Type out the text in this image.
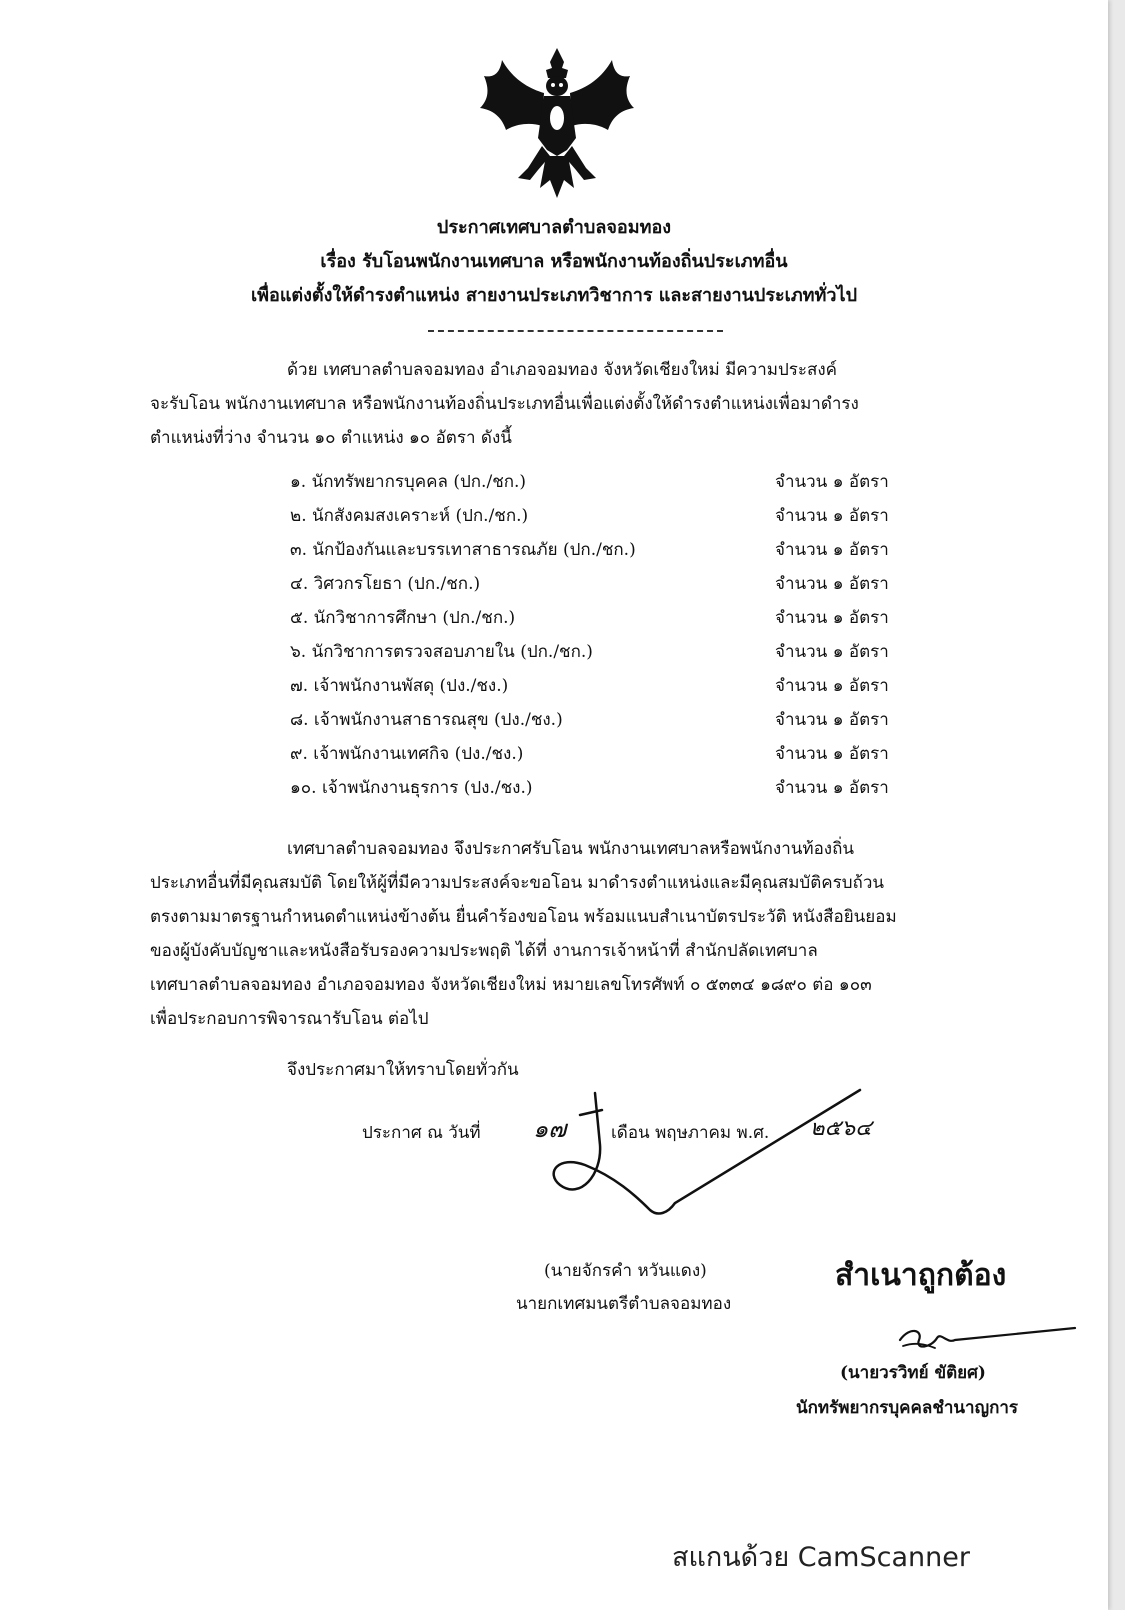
ประกาศเทศบาลตำบลจอมทอง
เรื่อง รับโอนพนักงานเทศบาล หรือพนักงานท้องถิ่นประเภทอื่น
เพื่อแต่งตั้งให้ดำรงตำแหน่ง สายงานประเภทวิชาการ และสายงานประเภททั่วไป
ด้วย เทศบาลตำบลจอมทอง อำเภอจอมทอง จังหวัดเชียงใหม่ มีความประสงค์
จะรับโอน พนักงานเทศบาล หรือพนักงานท้องถิ่นประเภทอื่นเพื่อแต่งตั้งให้ดำรงตำแหน่งเพื่อมาดำรง
ตำแหน่งที่ว่าง จำนวน ๑๐ ตำแหน่ง ๑๐ อัตรา ดังนี้
๑. นักทรัพยากรบุคคล (ปก./ชก.)	จำนวน ๑ อัตรา
๒. นักสังคมสงเคราะห์ (ปก./ชก.)	จำนวน ๑ อัตรา
๓. นักป้องกันและบรรเทาสาธารณภัย (ปก./ชก.)	จำนวน ๑ อัตรา
๔. วิศวกรโยธา (ปก./ชก.)	จำนวน ๑ อัตรา
๕. นักวิชาการศึกษา (ปก./ชก.)	จำนวน ๑ อัตรา
๖. นักวิชาการตรวจสอบภายใน (ปก./ชก.)	จำนวน ๑ อัตรา
๗. เจ้าพนักงานพัสดุ (ปง./ชง.)	จำนวน ๑ อัตรา
๘. เจ้าพนักงานสาธารณสุข (ปง./ชง.)	จำนวน ๑ อัตรา
๙. เจ้าพนักงานเทศกิจ (ปง./ชง.)	จำนวน ๑ อัตรา
๑๐. เจ้าพนักงานธุรการ (ปง./ชง.)	จำนวน ๑ อัตรา
เทศบาลตำบลจอมทอง จึงประกาศรับโอน พนักงานเทศบาลหรือพนักงานท้องถิ่น
ประเภทอื่นที่มีคุณสมบัติ โดยให้ผู้ที่มีความประสงค์จะขอโอน มาดำรงตำแหน่งและมีคุณสมบัติครบถ้วน
ตรงตามมาตรฐานกำหนดตำแหน่งข้างต้น ยื่นคำร้องขอโอน พร้อมแนบสำเนาบัตรประวัติ หนังสือยินยอม
ของผู้บังคับบัญชาและหนังสือรับรองความประพฤติ ได้ที่ งานการเจ้าหน้าที่ สำนักปลัดเทศบาล
เทศบาลตำบลจอมทอง อำเภอจอมทอง จังหวัดเชียงใหม่ หมายเลขโทรศัพท์ ๐ ๕๓๓๔ ๑๘๙๐ ต่อ ๑๐๓
เพื่อประกอบการพิจารณารับโอน ต่อไป
จึงประกาศมาให้ทราบโดยทั่วกัน
ประกาศ ณ วันที่ ๑๗	เดือน พฤษภาคม พ.ศ. ๒๕๖๔
(นายจักรคำ หวันแดง)
นายกเทศมนตรีตำบลจอมทอง
สำเนาถูกต้อง
(นายวรวิทย์ ขัติยศ)
นักทรัพยากรบุคคลชำนาญการ
สแกนด้วย CamScanner
